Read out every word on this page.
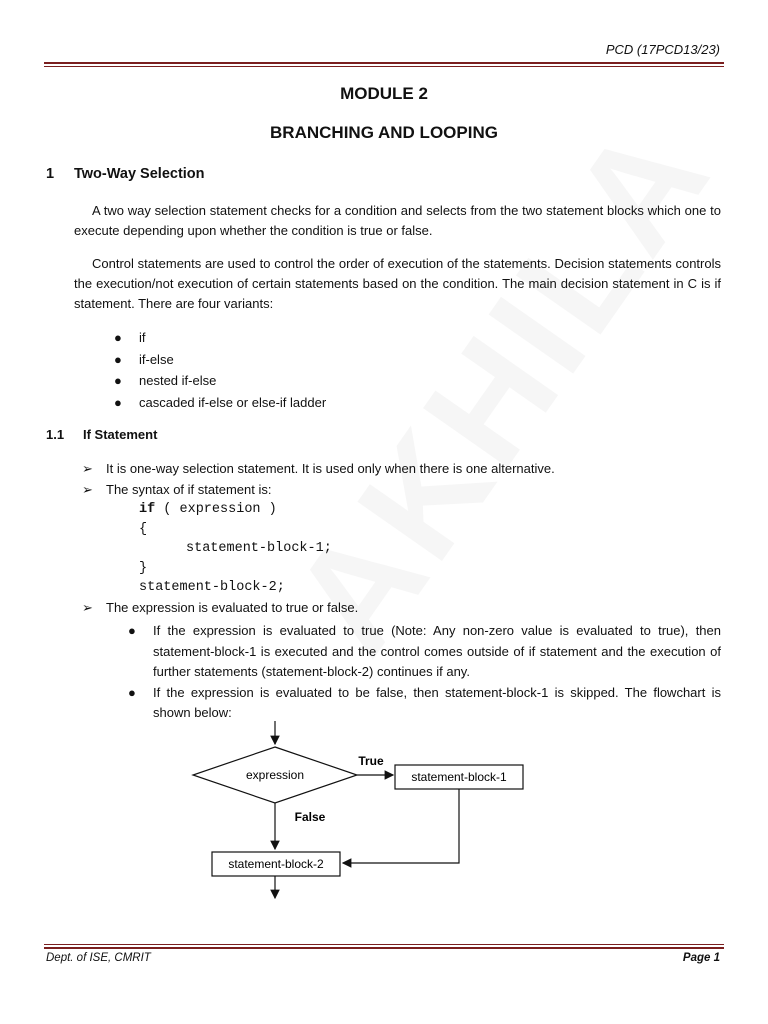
PCD (17PCD13/23)
MODULE 2
BRANCHING AND LOOPING
1 Two-Way Selection
A two way selection statement checks for a condition and selects from the two statement blocks which one to execute depending upon whether the condition is true or false.
Control statements are used to control the order of execution of the statements. Decision statements controls the execution/not execution of certain statements based on the condition. The main decision statement in C is if statement. There are four variants:
● if
● if-else
● nested if-else
● cascaded if-else or else-if ladder
1.1 If Statement
➢ It is one-way selection statement. It is used only when there is one alternative.
➢ The syntax of if statement is:
if ( expression )
{
statement-block-1;
}
statement-block-2;
➢ The expression is evaluated to true or false.
● If the expression is evaluated to true (Note: Any non-zero value is evaluated to true), then statement-block-1 is executed and the control comes outside of if statement and the execution of further statements (statement-block-2) continues if any.
● If the expression is evaluated to be false, then statement-block-1 is skipped. The flowchart is shown below:
expression
True
statement-block-1
False
statement-block-2
Dept. of ISE, CMRIT	Page 1
